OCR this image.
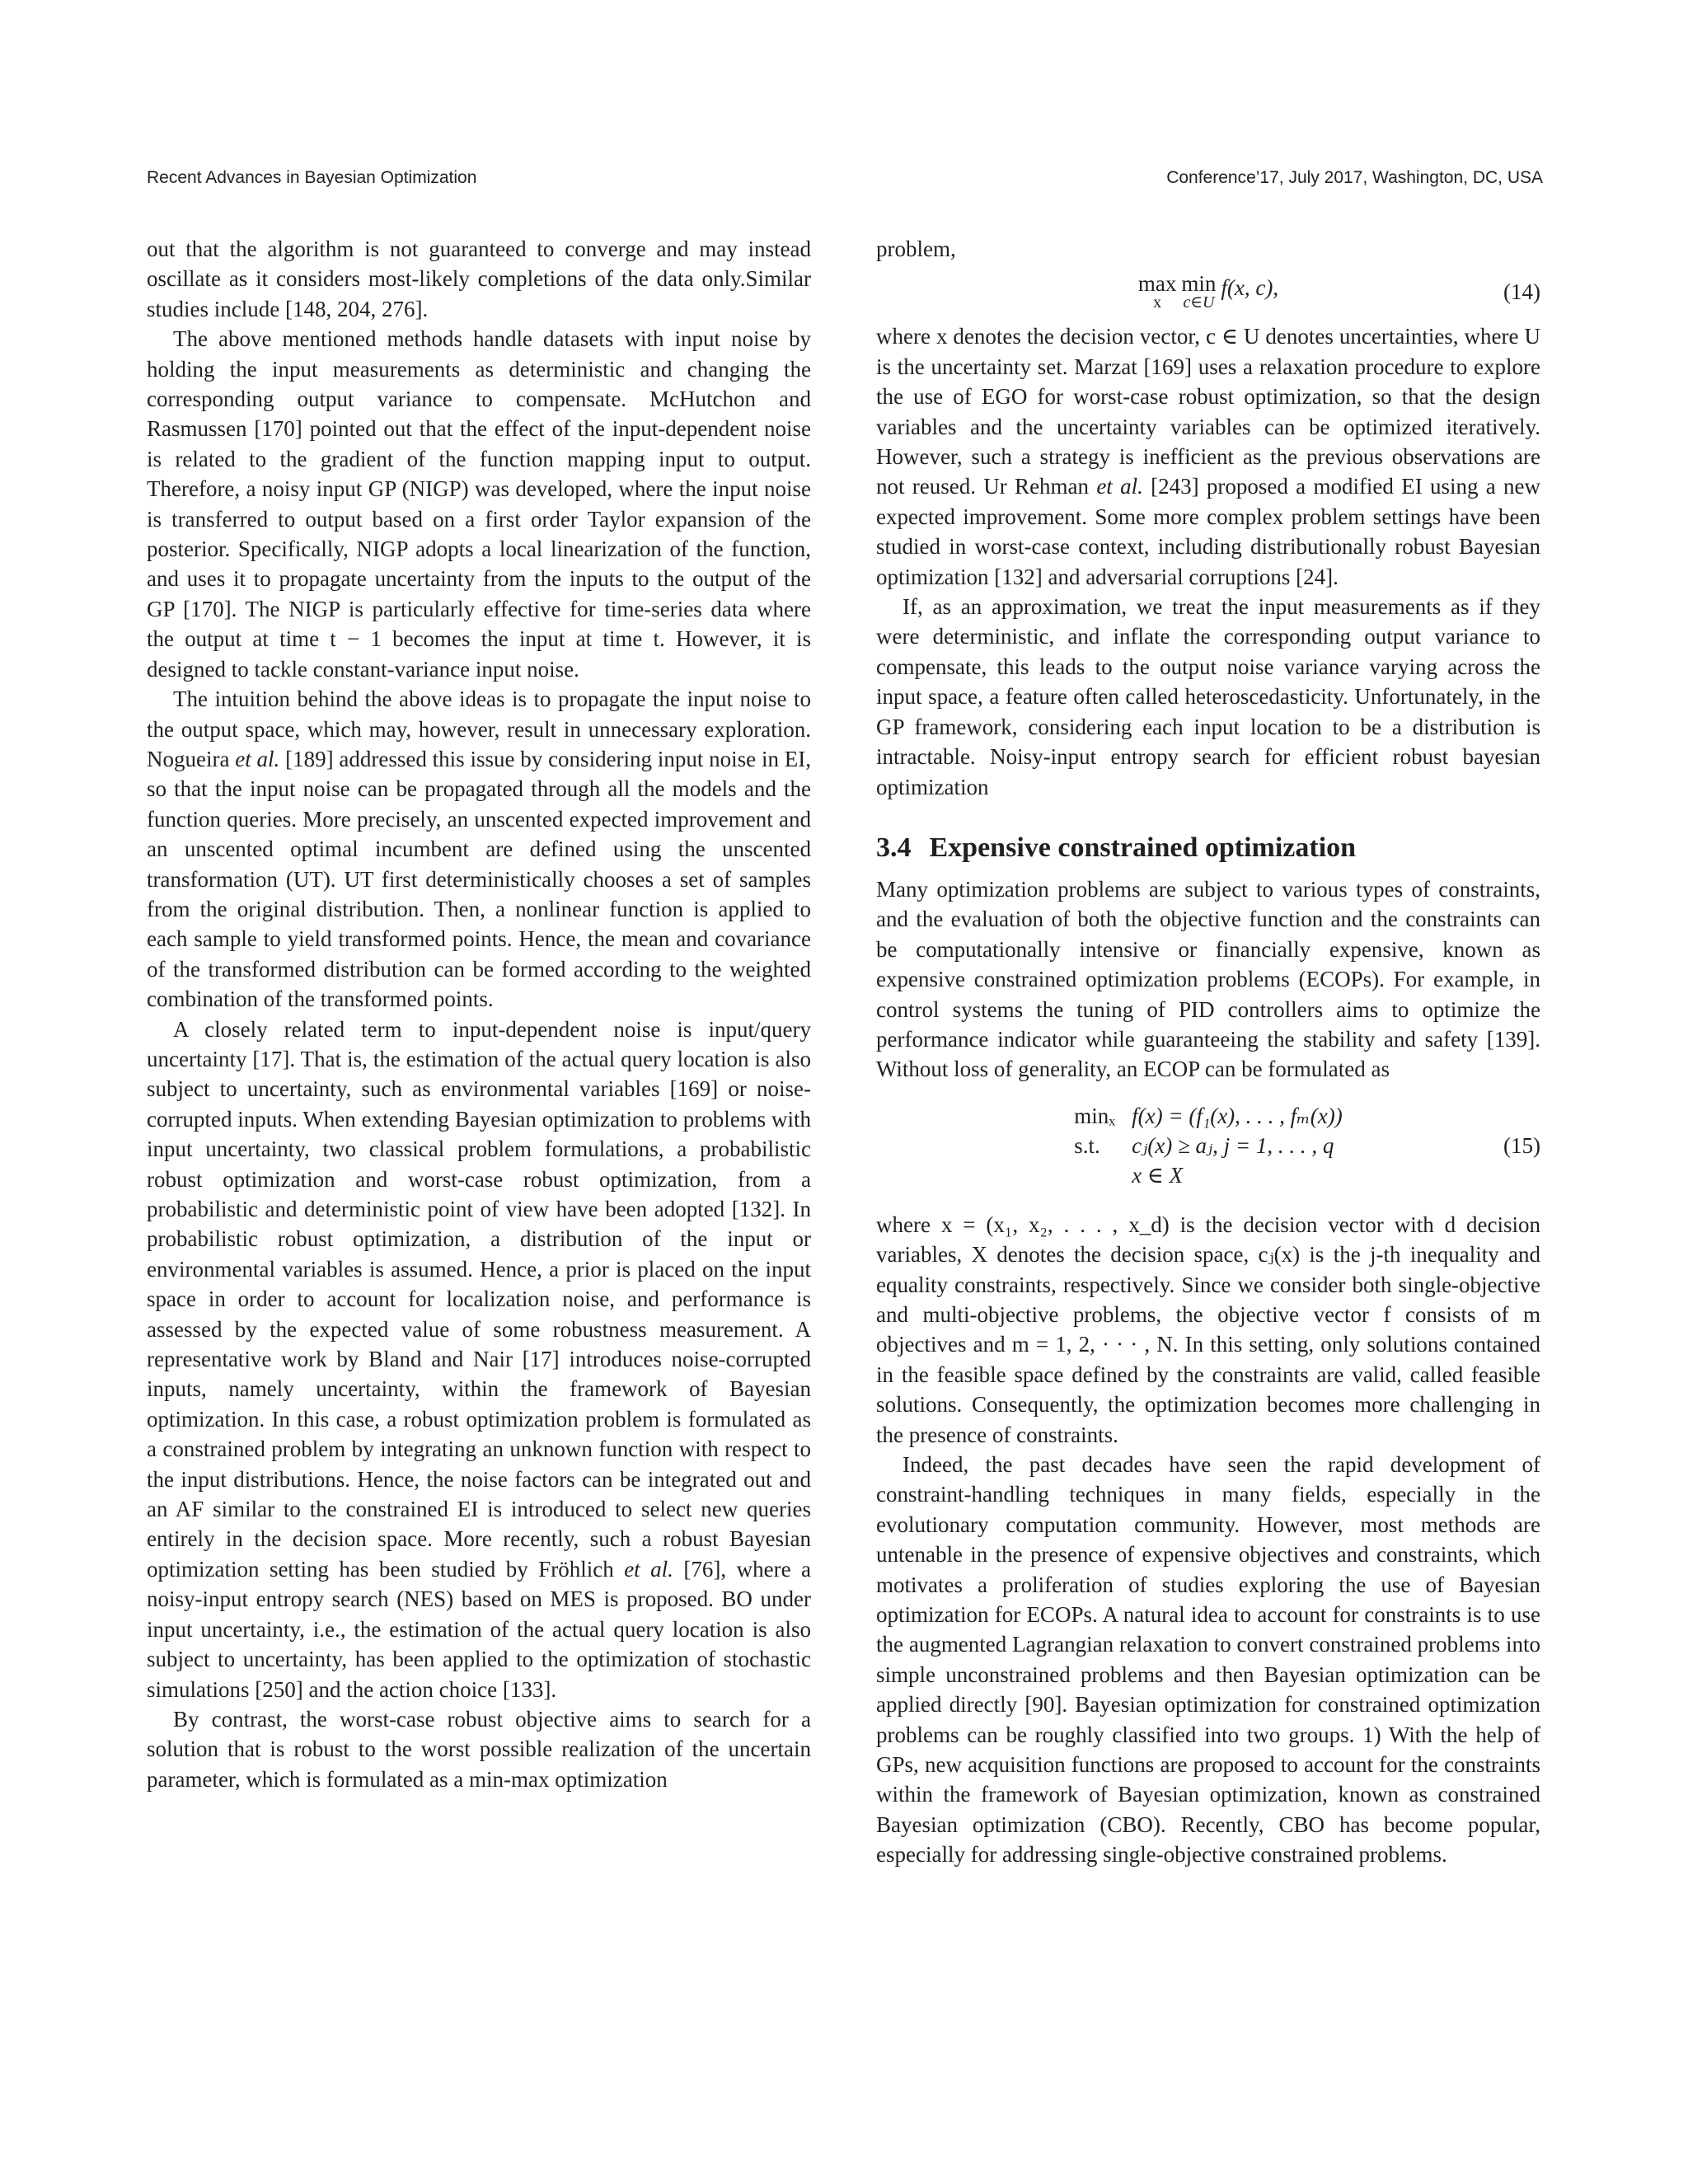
Recent Advances in Bayesian Optimization	Conference’17, July 2017, Washington, DC, USA

out that the algorithm is not guaranteed to converge and may instead oscillate as it considers most-likely completions of the data only.Similar studies include [148, 204, 276].

The above mentioned methods handle datasets with input noise by holding the input measurements as deterministic and changing the corresponding output variance to compensate. McHutchon and Rasmussen [170] pointed out that the effect of the input-dependent noise is related to the gradient of the function mapping input to output. Therefore, a noisy input GP (NIGP) was developed, where the input noise is transferred to output based on a first order Taylor expansion of the posterior. Specifically, NIGP adopts a local linearization of the function, and uses it to propagate uncertainty from the inputs to the output of the GP [170]. The NIGP is particularly effective for time-series data where the output at time t − 1 becomes the input at time t. However, it is designed to tackle constant-variance input noise.

The intuition behind the above ideas is to propagate the input noise to the output space, which may, however, result in unnecessary exploration. Nogueira et al. [189] addressed this issue by considering input noise in EI, so that the input noise can be propagated through all the models and the function queries. More precisely, an unscented expected improvement and an unscented optimal incumbent are defined using the unscented transformation (UT). UT first deterministically chooses a set of samples from the original distribution. Then, a nonlinear function is applied to each sample to yield transformed points. Hence, the mean and covariance of the transformed distribution can be formed according to the weighted combination of the transformed points.

A closely related term to input-dependent noise is input/query uncertainty [17]. That is, the estimation of the actual query location is also subject to uncertainty, such as environmental variables [169] or noise-corrupted inputs. When extending Bayesian optimization to problems with input uncertainty, two classical problem formulations, a probabilistic robust optimization and worst-case robust optimization, from a probabilistic and deterministic point of view have been adopted [132]. In probabilistic robust optimization, a distribution of the input or environmental variables is assumed. Hence, a prior is placed on the input space in order to account for localization noise, and performance is assessed by the expected value of some robustness measurement. A representative work by Bland and Nair [17] introduces noise-corrupted inputs, namely uncertainty, within the framework of Bayesian optimization. In this case, a robust optimization problem is formulated as a constrained problem by integrating an unknown function with respect to the input distributions. Hence, the noise factors can be integrated out and an AF similar to the constrained EI is introduced to select new queries entirely in the decision space. More recently, such a robust Bayesian optimization setting has been studied by Fröhlich et al. [76], where a noisy-input entropy search (NES) based on MES is proposed. BO under input uncertainty, i.e., the estimation of the actual query location is also subject to uncertainty, has been applied to the optimization of stochastic simulations [250] and the action choice [133].

By contrast, the worst-case robust objective aims to search for a solution that is robust to the worst possible realization of the uncertain parameter, which is formulated as a min-max optimization

problem,

max
x
min
c∈U
f(x, c),	(14)

where x denotes the decision vector, c ∈ U denotes uncertainties, where U is the uncertainty set. Marzat [169] uses a relaxation procedure to explore the use of EGO for worst-case robust optimization, so that the design variables and the uncertainty variables can be optimized iteratively. However, such a strategy is inefficient as the previous observations are not reused. Ur Rehman et al. [243] proposed a modified EI using a new expected improvement. Some more complex problem settings have been studied in worst-case context, including distributionally robust Bayesian optimization [132] and adversarial corruptions [24].

If, as an approximation, we treat the input measurements as if they were deterministic, and inflate the corresponding output variance to compensate, this leads to the output noise variance varying across the input space, a feature often called heteroscedasticity. Unfortunately, in the GP framework, considering each input location to be a distribution is intractable. Noisy-input entropy search for efficient robust bayesian optimization

3.4 Expensive constrained optimization

Many optimization problems are subject to various types of constraints, and the evaluation of both the objective function and the constraints can be computationally intensive or financially expensive, known as expensive constrained optimization problems (ECOPs). For example, in control systems the tuning of PID controllers aims to optimize the performance indicator while guaranteeing the stability and safety [139]. Without loss of generality, an ECOP can be formulated as

minₓ f(x) = (f₁(x), . . . , fₘ(x))
s.t.	cⱼ(x) ≥ aⱼ, j = 1, . . . , q
x ∈ X
(15)

where x = (x₁, x₂, . . . , x_d) is the decision vector with d decision variables, X denotes the decision space, cⱼ(x) is the j-th inequality and equality constraints, respectively. Since we consider both single-objective and multi-objective problems, the objective vector f consists of m objectives and m = 1, 2, · · · , N. In this setting, only solutions contained in the feasible space defined by the constraints are valid, called feasible solutions. Consequently, the optimization becomes more challenging in the presence of constraints.

Indeed, the past decades have seen the rapid development of constraint-handling techniques in many fields, especially in the evolutionary computation community. However, most methods are untenable in the presence of expensive objectives and constraints, which motivates a proliferation of studies exploring the use of Bayesian optimization for ECOPs. A natural idea to account for constraints is to use the augmented Lagrangian relaxation to convert constrained problems into simple unconstrained problems and then Bayesian optimization can be applied directly [90]. Bayesian optimization for constrained optimization problems can be roughly classified into two groups. 1) With the help of GPs, new acquisition functions are proposed to account for the constraints within the framework of Bayesian optimization, known as constrained Bayesian optimization (CBO). Recently, CBO has become popular, especially for addressing single-objective constrained problems.
